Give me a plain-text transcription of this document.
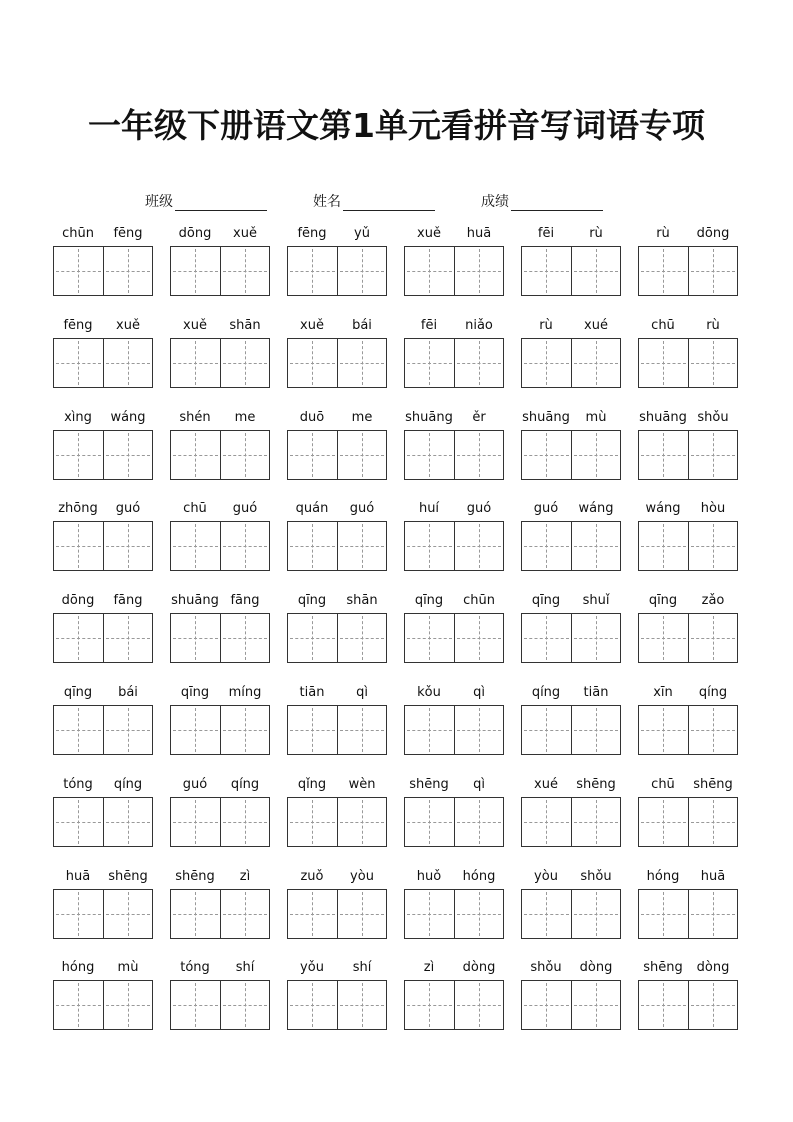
一年级下册语文第1单元看拼音写词语专项
班级	姓名	成绩
chūn	fēng	dōng	xuě	fēng	yǔ	xuě	huā	fēi	rù	rù	dōng
fēng	xuě	xuě	shān	xuě	bái	fēi	niǎo	rù	xué	chū	rù
xìng	wáng	shén	me	duō	me	shuāng	ěr	shuāng	mù	shuāng shǒu
zhōng	guó	chū	guó	quán	guó	huí	guó	guó	wáng	wáng	hòu
dōng	fāng	shuāng fāng	qīng	shān	qīng	chūn	qīng	shuǐ	qīng	zǎo
qīng	bái	qīng	míng	tiān	qì	kǒu	qì	qíng	tiān	xīn	qíng
tóng	qíng	guó	qíng	qǐng	wèn	shēng	qì	xué	shēng	chū	shēng
huā	shēng	shēng	zì	zuǒ	yòu	huǒ	hóng	yòu	shǒu	hóng	huā
hóng	mù	tóng	shí	yǒu	shí	zì	dòng	shǒu	dòng	shēng	dòng
